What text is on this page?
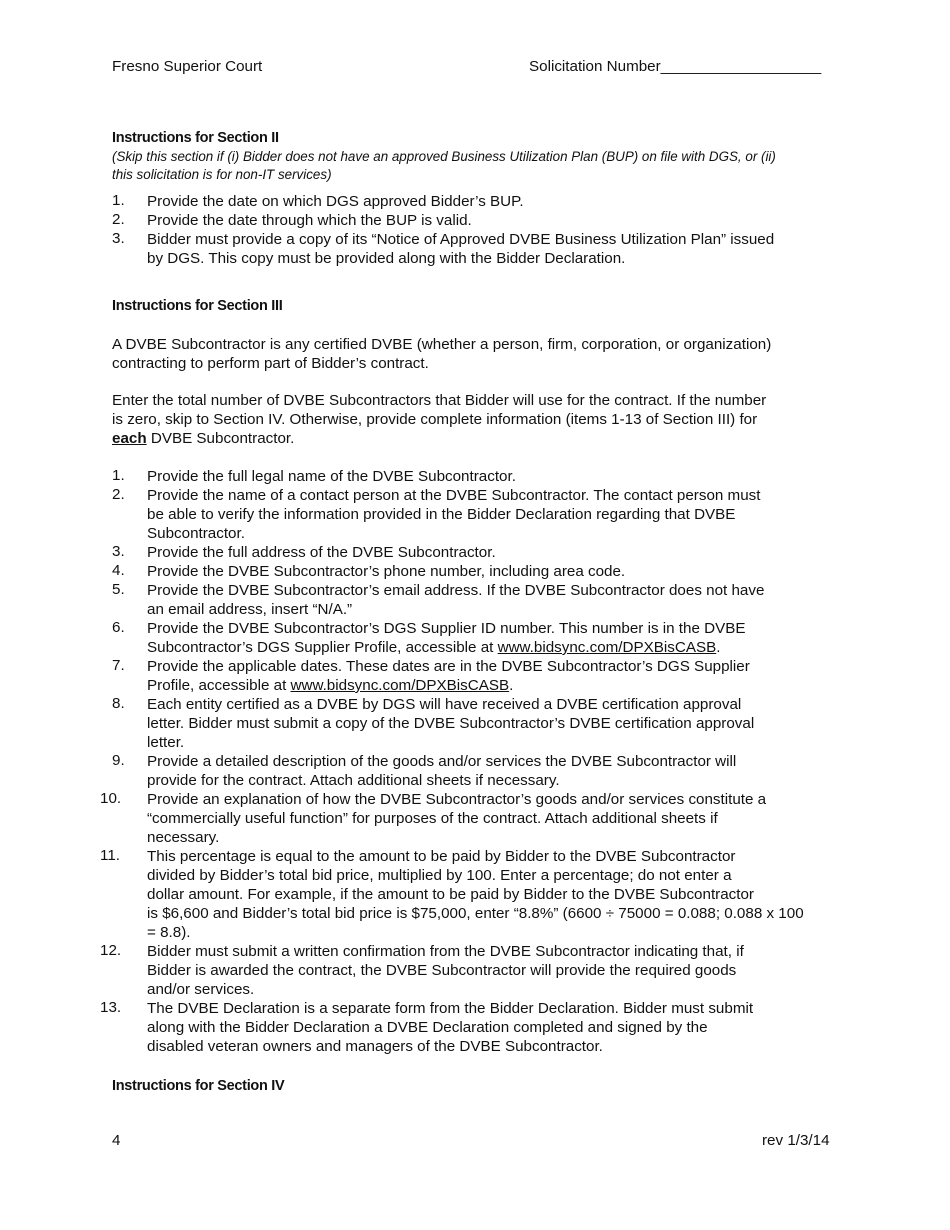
Fresno Superior Court	Solicitation Number___________________
Instructions for Section II
(Skip this section if (i) Bidder does not have an approved Business Utilization Plan (BUP) on file with DGS, or (ii)
this solicitation is for non-IT services)
1.	Provide the date on which DGS approved Bidder’s BUP.
2.	Provide the date through which the BUP is valid.
3.	Bidder must provide a copy of its “Notice of Approved DVBE Business Utilization Plan” issued
by DGS. This copy must be provided along with the Bidder Declaration.
Instructions for Section III
A DVBE Subcontractor is any certified DVBE (whether a person, firm, corporation, or organization)
contracting to perform part of Bidder’s contract.
Enter the total number of DVBE Subcontractors that Bidder will use for the contract. If the number
is zero, skip to Section IV. Otherwise, provide complete information (items 1-13 of Section III) for
each DVBE Subcontractor.
1.	Provide the full legal name of the DVBE Subcontractor.
2.	Provide the name of a contact person at the DVBE Subcontractor. The contact person must
be able to verify the information provided in the Bidder Declaration regarding that DVBE
Subcontractor.
3.	Provide the full address of the DVBE Subcontractor.
4.	Provide the DVBE Subcontractor’s phone number, including area code.
5.	Provide the DVBE Subcontractor’s email address. If the DVBE Subcontractor does not have
an email address, insert “N/A.”
6.	Provide the DVBE Subcontractor’s DGS Supplier ID number. This number is in the DVBE
Subcontractor’s DGS Supplier Profile, accessible at www.bidsync.com/DPXBisCASB.
7.	Provide the applicable dates. These dates are in the DVBE Subcontractor’s DGS Supplier
Profile, accessible at www.bidsync.com/DPXBisCASB.
8.	Each entity certified as a DVBE by DGS will have received a DVBE certification approval
letter. Bidder must submit a copy of the DVBE Subcontractor’s DVBE certification approval
letter.
9.	Provide a detailed description of the goods and/or services the DVBE Subcontractor will
provide for the contract. Attach additional sheets if necessary.
10.	Provide an explanation of how the DVBE Subcontractor’s goods and/or services constitute a
“commercially useful function” for purposes of the contract. Attach additional sheets if
necessary.
11.	This percentage is equal to the amount to be paid by Bidder to the DVBE Subcontractor
divided by Bidder’s total bid price, multiplied by 100. Enter a percentage; do not enter a
dollar amount. For example, if the amount to be paid by Bidder to the DVBE Subcontractor
is $6,600 and Bidder’s total bid price is $75,000, enter “8.8%” (6600 ÷ 75000 = 0.088; 0.088 x 100
= 8.8).
12.	Bidder must submit a written confirmation from the DVBE Subcontractor indicating that, if
Bidder is awarded the contract, the DVBE Subcontractor will provide the required goods
and/or services.
13.	The DVBE Declaration is a separate form from the Bidder Declaration. Bidder must submit
along with the Bidder Declaration a DVBE Declaration completed and signed by the
disabled veteran owners and managers of the DVBE Subcontractor.
Instructions for Section IV
4	rev 1/3/14
